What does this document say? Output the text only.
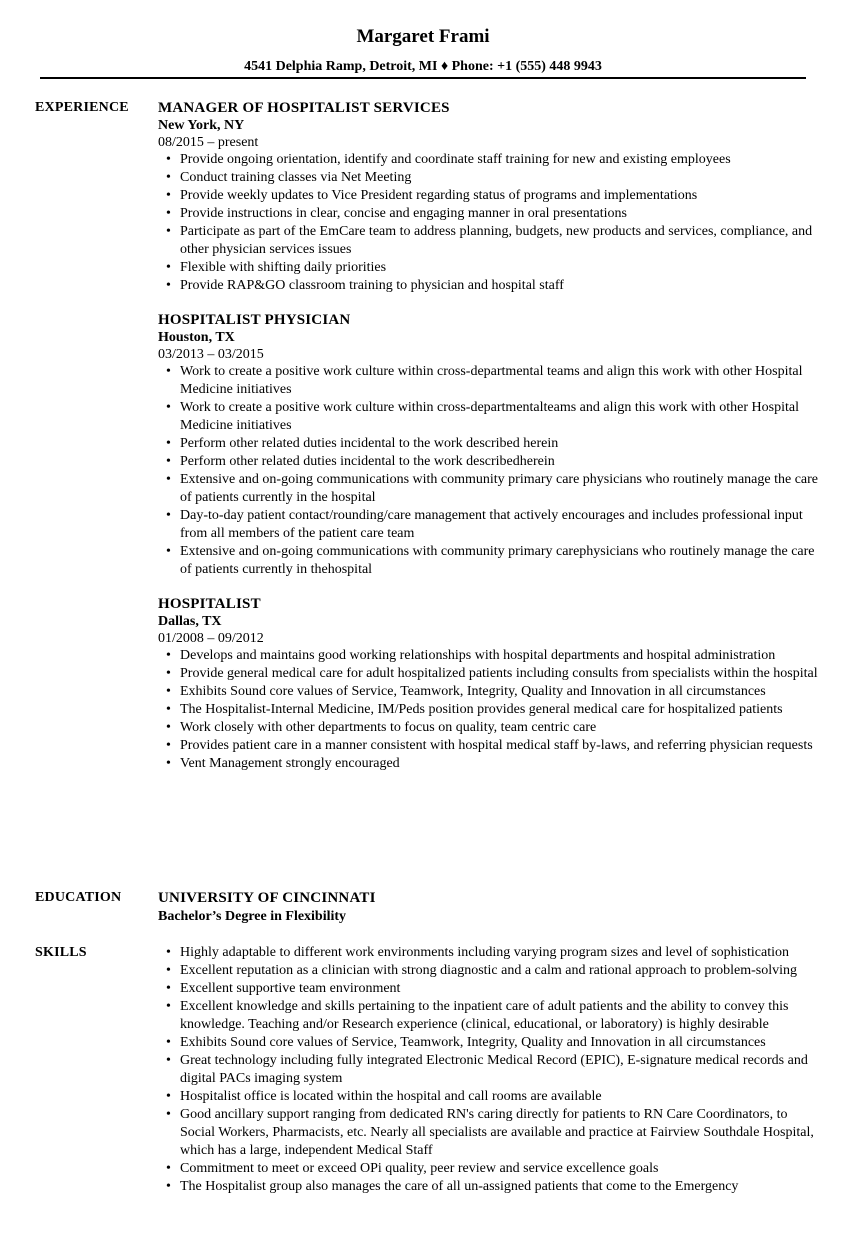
Margaret Frami
4541 Delphia Ramp, Detroit, MI ♦ Phone: +1 (555) 448 9943
EXPERIENCE MANAGER OF HOSPITALIST SERVICES
New York, NY
08/2015 – present
• Provide ongoing orientation, identify and coordinate staff training for new and existing employees
• Conduct training classes via Net Meeting
• Provide weekly updates to Vice President regarding status of programs and implementations
• Provide instructions in clear, concise and engaging manner in oral presentations
• Participate as part of the EmCare team to address planning, budgets, new products and services, compliance, and other physician services issues
• Flexible with shifting daily priorities
• Provide RAP&GO classroom training to physician and hospital staff
HOSPITALIST PHYSICIAN
Houston, TX
03/2013 – 03/2015
• Work to create a positive work culture within cross-departmental teams and align this work with other Hospital Medicine initiatives
• Work to create a positive work culture within cross-departmentalteams and align this work with other Hospital Medicine initiatives
• Perform other related duties incidental to the work described herein
• Perform other related duties incidental to the work describedherein
• Extensive and on-going communications with community primary care physicians who routinely manage the care of patients currently in the hospital
• Day-to-day patient contact/rounding/care management that actively encourages and includes professional input from all members of the patient care team
• Extensive and on-going communications with community primary carephysicians who routinely manage the care of patients currently in thehospital
HOSPITALIST
Dallas, TX
01/2008 – 09/2012
• Develops and maintains good working relationships with hospital departments and hospital administration
• Provide general medical care for adult hospitalized patients including consults from specialists within the hospital
• Exhibits Sound core values of Service, Teamwork, Integrity, Quality and Innovation in all circumstances
• The Hospitalist-Internal Medicine, IM/Peds position provides general medical care for hospitalized patients
• Work closely with other departments to focus on quality, team centric care
• Provides patient care in a manner consistent with hospital medical staff by-laws, and referring physician requests
• Vent Management strongly encouraged
EDUCATION UNIVERSITY OF CINCINNATI
Bachelor’s Degree in Flexibility
SKILLS
•	Highly adaptable to different work environments including varying program sizes and level of sophistication
• Excellent reputation as a clinician with strong diagnostic and a calm and rational approach to problem-solving
• Excellent supportive team environment
• Excellent knowledge and skills pertaining to the inpatient care of adult patients and the ability to convey this knowledge. Teaching and/or Research experience (clinical, educational, or laboratory) is highly desirable
• Exhibits Sound core values of Service, Teamwork, Integrity, Quality and Innovation in all circumstances
• Great technology including fully integrated Electronic Medical Record (EPIC), E-signature medical records and digital PACs imaging system
• Hospitalist office is located within the hospital and call rooms are available
• Good ancillary support ranging from dedicated RN's caring directly for patients to RN Care Coordinators, to Social Workers, Pharmacists, etc. Nearly all specialists are available and practice at Fairview Southdale Hospital, which has a large, independent Medical Staff
• Commitment to meet or exceed OPi quality, peer review and service excellence goals
• The Hospitalist group also manages the care of all un-assigned patients that come to the Emergency
